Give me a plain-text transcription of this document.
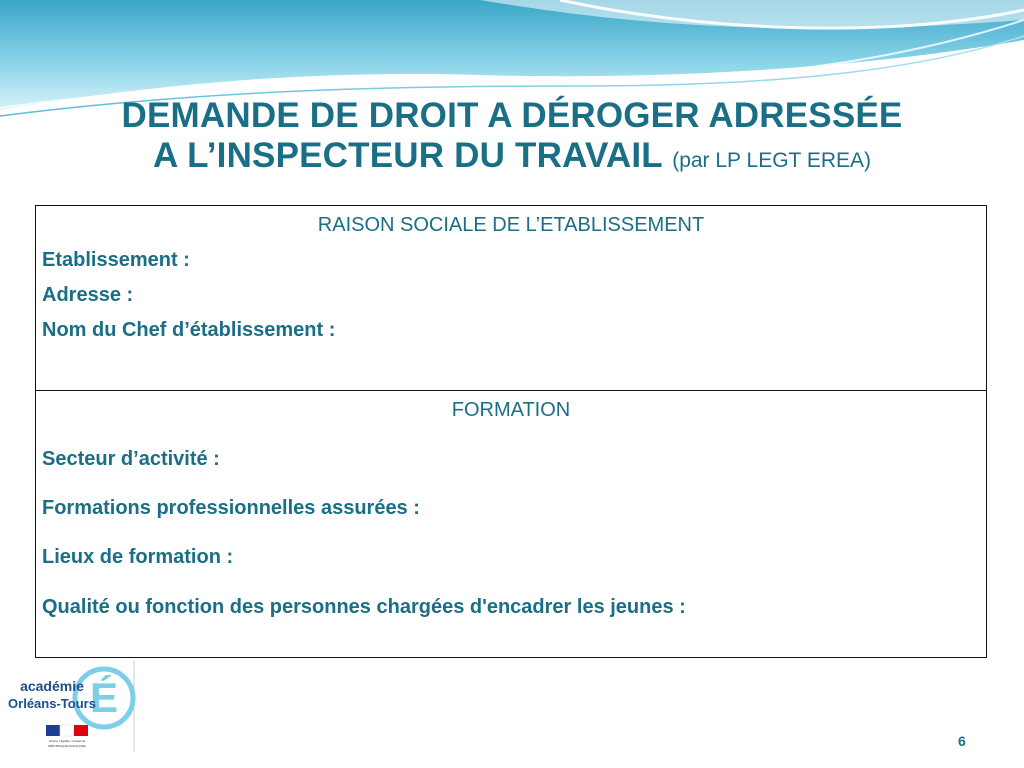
DEMANDE DE DROIT A DÉROGER ADRESSÉE
A L’INSPECTEUR DU TRAVAIL (par LP LEGT EREA)
RAISON SOCIALE DE L’ETABLISSEMENT
Etablissement :
Adresse :
Nom du Chef d’établissement :
FORMATION
Secteur d’activité :
Formations professionnelles assurées :
Lieux de formation :
Qualité ou fonction des personnes chargées d'encadrer les jeunes :
É
académie
Orléans-Tours
Liberté • Égalité • Fraternité
RÉPUBLIQUE FRANÇAISE	6
